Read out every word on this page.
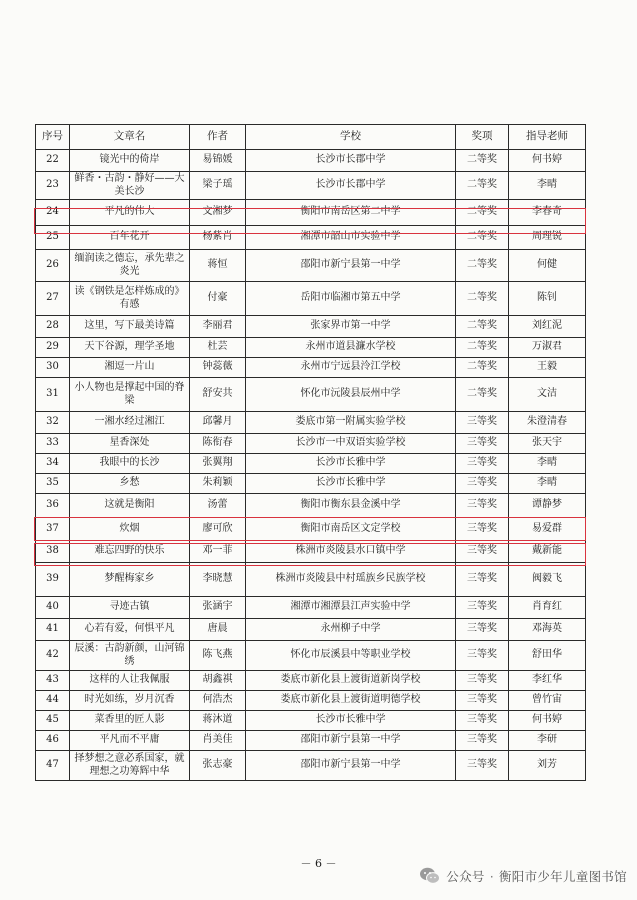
序号	文章名	作者	学校	奖项	指导老师
22	镜光中的倚岸	易锦媛	长沙市长郡中学	二等奖	何书婷
23	鲜香・古韵・静好——大美长沙	梁子瑶	长沙市长郡中学	二等奖	李晴
24	平凡的伟大	文湘梦	衡阳市南岳区第二中学	二等奖	李春奇
25	百年花开	杨紫肖	湘潭市韶山市实验中学	二等奖	周理锐
26	缅润读之德忘，承先辈之炎光	蒋恒	邵阳市新宁县第一中学	二等奖	何健
27	读《钢铁是怎样炼成的》有感	付豪	岳阳市临湘市第五中学	二等奖	陈钊
28	这里，写下最美诗篇	李丽君	张家界市第一中学	二等奖	刘红泥
29	天下谷源，理学圣地	杜芸	永州市道县濂水学校	二等奖	万淑君
30	湘逗一片山	钟蕊薇	永州市宁远县泠江学校	二等奖	王毅
31	小人物也是撑起中国的脊梁	舒安共	怀化市沅陵县辰州中学	二等奖	文洁
32	一湘水经过湘江	邱馨月	娄底市第一附属实验学校	三等奖	朱澄清春
33	星香深处	陈衔春	长沙市一中双语实验学校	三等奖	张天宇
34	我眼中的长沙	张翼翔	长沙市长雅中学	三等奖	李晴
35	乡愁	朱莉颖	长沙市长雅中学	三等奖	李晴
36	这就是衡阳	汤蕾	衡阳市衡东县金溪中学	三等奖	谭静梦
37	炊烟	廖可欣	衡阳市南岳区文定学校	三等奖	易爱群
38	难忘四野的快乐	邓一菲	株洲市炎陵县水口镇中学	三等奖	戴新能
39	梦醒梅家乡	李晓慧	株洲市炎陵县中村瑶族乡民族学校	三等奖	阀毅飞
40	寻迹古镇	张涵宇	湘潭市湘潭县江声实验中学	三等奖	肖育红
41	心若有爱，何惧平凡	唐晨	永州柳子中学	三等奖	邓海英
42	辰溪：古韵新颜，山河锦绣	陈飞燕	怀化市辰溪县中等职业学校	三等奖	舒田华
43	这样的人让我佩服	胡鑫祺	娄底市新化县上渡街道新岗学校	三等奖	李红华
44	时光如练，岁月沉香	何浩杰	娄底市新化县上渡街道明德学校	三等奖	曾竹宙
45	菜香里的匠人影	蒋沐道	长沙市长雅中学	三等奖	何书婷
46	平凡而不平庸	肖美佳	邵阳市新宁县第一中学	三等奖	李研
47	择梦想之意必系国家，就理想之功筹辉中华	张志豪	邵阳市新宁县第一中学	三等奖	刘芳
－ 6 －
公众号 · 衡阳市少年儿童图书馆
